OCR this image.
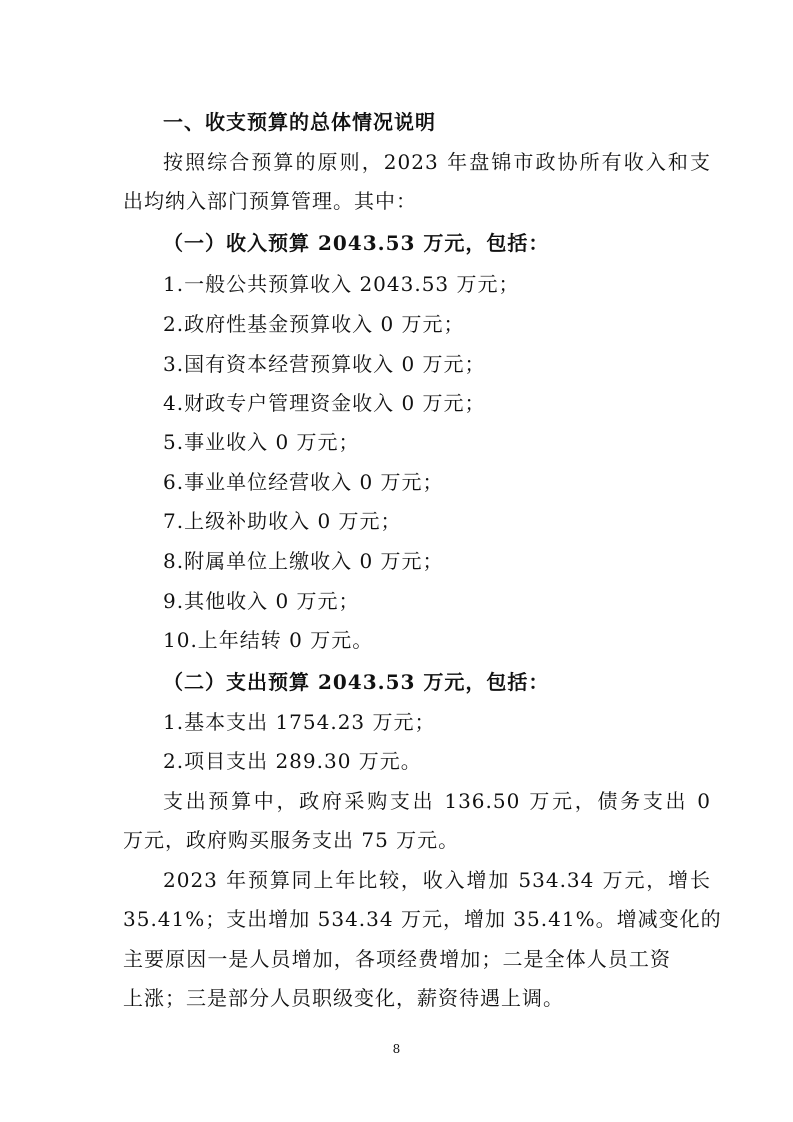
一、收支预算的总体情况说明
按照综合预算的原则，2023 年盘锦市政协所有收入和支
出均纳入部门预算管理。其中：
（一）收入预算 2043.53 万元，包括：
1.一般公共预算收入 2043.53 万元；
2.政府性基金预算收入 0 万元；
3.国有资本经营预算收入 0 万元；
4.财政专户管理资金收入 0 万元；
5.事业收入 0 万元；
6.事业单位经营收入 0 万元；
7.上级补助收入 0 万元；
8.附属单位上缴收入 0 万元；
9.其他收入 0 万元；
10.上年结转 0 万元。
（二）支出预算 2043.53 万元，包括：
1.基本支出 1754.23 万元；
2.项目支出 289.30 万元。
支出预算中，政府采购支出 136.50 万元，债务支出 0
万元，政府购买服务支出 75 万元。
2023 年预算同上年比较，收入增加 534.34 万元，增长
35.41%；支出增加 534.34 万元，增加 35.41%。增减变化的
主要原因一是人员增加，各项经费增加；二是全体人员工资
上涨；三是部分人员职级变化，薪资待遇上调。
8
